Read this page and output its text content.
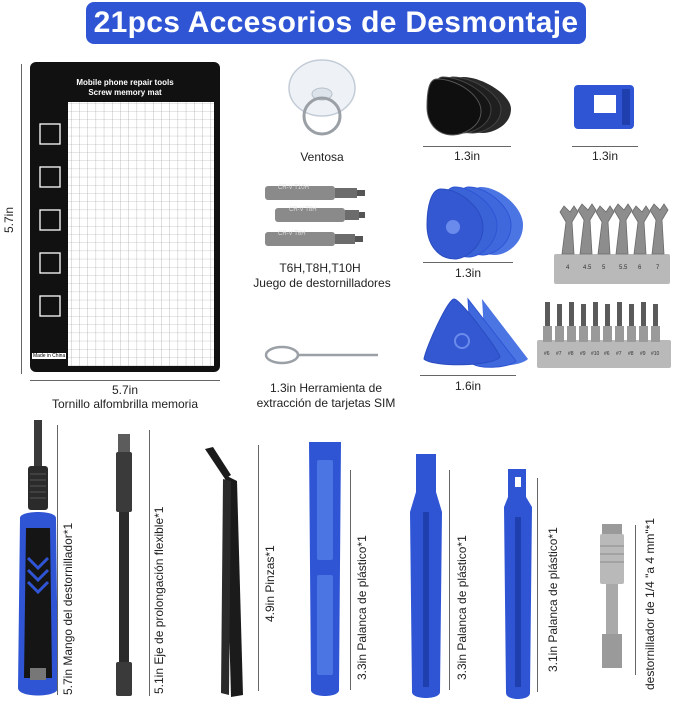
21pcs Accesorios de Desmontaje
5.7in
Mobile phone repair tools
Screw memory mat
Made in China
5.7in
Tornillo alfombrilla memoria
Ventosa	1.3in	1.3in
CR-V T10H
CR-V T8H
CR-V T6H
T6H,T8H,T10H
Juego de destornilladores
1.3in	4 4.5 5 5.5 6 7
1.6in
#6 #7 #8 #9 #10 #6 #7 #8 #9 #10
1.3in Herramienta de
extracción de tarjetas SIM
5.7in Mango del destornillador*1	5.1in Eje de prolongación flexible*1	4.9in Pinzas*1	3.3in Palanca de plástico*1	3.3in Palanca de plástico*1	3.1in Palanca de plástico*1	destornillador de 1/4 "a 4 mm"*1
